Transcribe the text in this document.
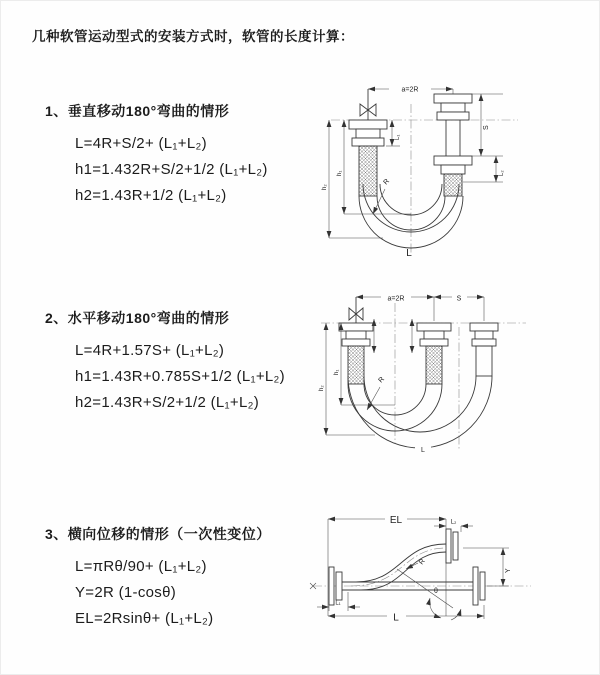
几种软管运动型式的安装方式时，软管的长度计算：
1、垂直移动180°弯曲的情形
L=4R+S/2+ (L₁+L₂)
h1=1.432R+S/2+1/2 (L₁+L₂)
h2=1.43R+1/2 (L₁+L₂)
2、水平移动180°弯曲的情形
L=4R+1.57S+ (L₁+L₂)
h1=1.43R+0.785S+1/2 (L₁+L₂)
h2=1.43R+S/2+1/2 (L₁+L₂)
3、横向位移的情形（一次性变位）
L=πRθ/90+ (L₁+L₂)
Y=2R (1-cosθ)
EL=2Rsinθ+ (L₁+L₂)
a=2R
h₁
h₂
L₁
S
L₂
R
L
a=2R	S
h₁
h₂
R
L
EL	L₂
Y
θ
R
L
L₁
